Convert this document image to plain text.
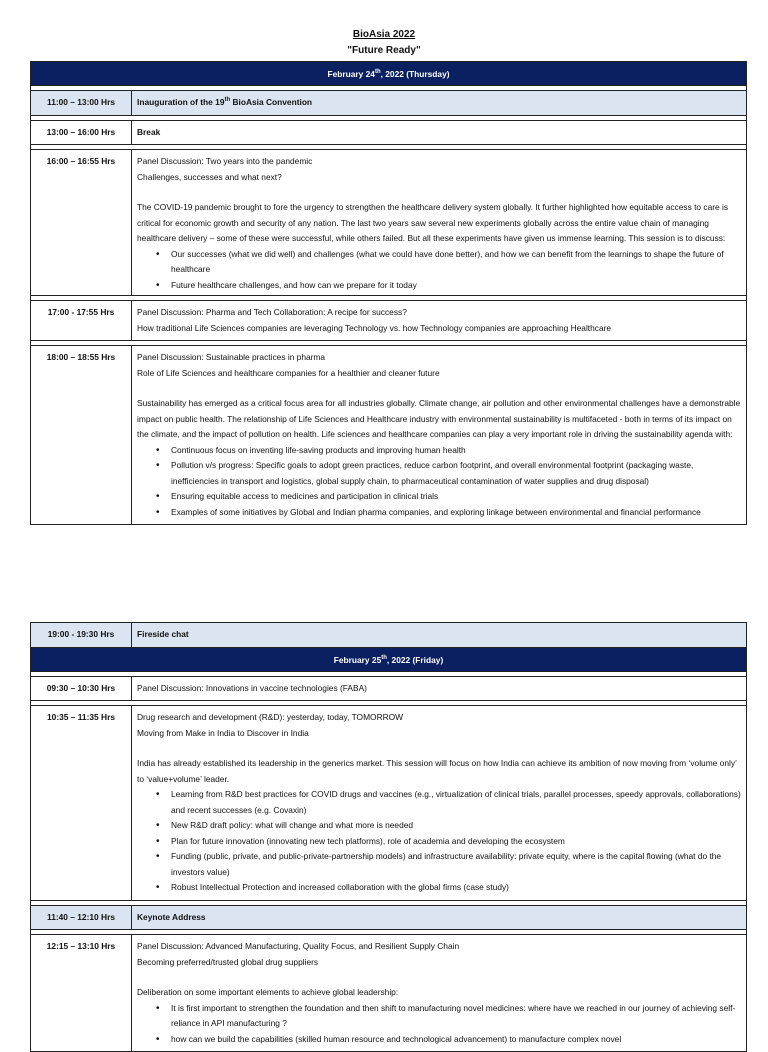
BioAsia 2022
"Future Ready"
February 24th, 2022 (Thursday)
11:00 – 13:00 Hrs	Inauguration of the 19th BioAsia Convention
13:00 – 16:00 Hrs	Break
16:00 – 16:55 Hrs	Panel Discussion: Two years into the pandemic
Challenges, successes and what next?
The COVID-19 pandemic brought to fore the urgency to strengthen the healthcare delivery system globally. It further highlighted how equitable access to care is critical for economic growth and security of any nation. The last two years saw several new experiments globally across the entire value chain of managing healthcare delivery – some of these were successful, while others failed. But all these experiments have given us immense learning. This session is to discuss:
• Our successes (what we did well) and challenges (what we could have done better), and how we can benefit from the learnings to shape the future of healthcare
• Future healthcare challenges, and how can we prepare for it today
17:00 - 17:55 Hrs	Panel Discussion: Pharma and Tech Collaboration: A recipe for success?
How traditional Life Sciences companies are leveraging Technology vs. how Technology companies are approaching Healthcare
18:00 – 18:55 Hrs	Panel Discussion: Sustainable practices in pharma
Role of Life Sciences and healthcare companies for a healthier and cleaner future
Sustainability has emerged as a critical focus area for all industries globally. Climate change, air pollution and other environmental challenges have a demonstrable impact on public health. The relationship of Life Sciences and Healthcare industry with environmental sustainability is multifaceted - both in terms of its impact on the climate, and the impact of pollution on health. Life sciences and healthcare companies can play a very important role in driving the sustainability agenda with:
• Continuous focus on inventing life-saving products and improving human health
• Pollution v/s progress: Specific goals to adopt green practices, reduce carbon footprint, and overall environmental footprint (packaging waste, inefficiencies in transport and logistics, global supply chain, to pharmaceutical contamination of water supplies and drug disposal)
• Ensuring equitable access to medicines and participation in clinical trials
• Examples of some initiatives by Global and Indian pharma companies, and exploring linkage between environmental and financial performance
19:00 - 19:30 Hrs	Fireside chat
February 25th, 2022 (Friday)
09:30 – 10:30 Hrs	Panel Discussion: Innovations in vaccine technologies (FABA)
10:35 – 11:35 Hrs	Drug research and development (R&D): yesterday, today, TOMORROW
Moving from Make in India to Discover in India
India has already established its leadership in the generics market. This session will focus on how India can achieve its ambition of now moving from ‘volume only’ to ‘value+volume’ leader.
• Learning from R&D best practices for COVID drugs and vaccines (e.g., virtualization of clinical trials, parallel processes, speedy approvals, collaborations) and recent successes (e.g. Covaxin)
• New R&D draft policy: what will change and what more is needed
• Plan for future innovation (innovating new tech platforms), role of academia and developing the ecosystem
• Funding (public, private, and public-private-partnership models) and infrastructure availability: private equity, where is the capital flowing (what do the investors value)
• Robust Intellectual Protection and increased collaboration with the global firms (case study)
11:40 – 12:10 Hrs	Keynote Address
12:15 – 13:10 Hrs	Panel Discussion: Advanced Manufacturing, Quality Focus, and Resilient Supply Chain
Becoming preferred/trusted global drug suppliers
Deliberation on some important elements to achieve global leadership:
• It is first important to strengthen the foundation and then shift to manufacturing novel medicines: where have we reached in our journey of achieving self-reliance in API manufacturing ?
• how can we build the capabilities (skilled human resource and technological advancement) to manufacture complex novel
